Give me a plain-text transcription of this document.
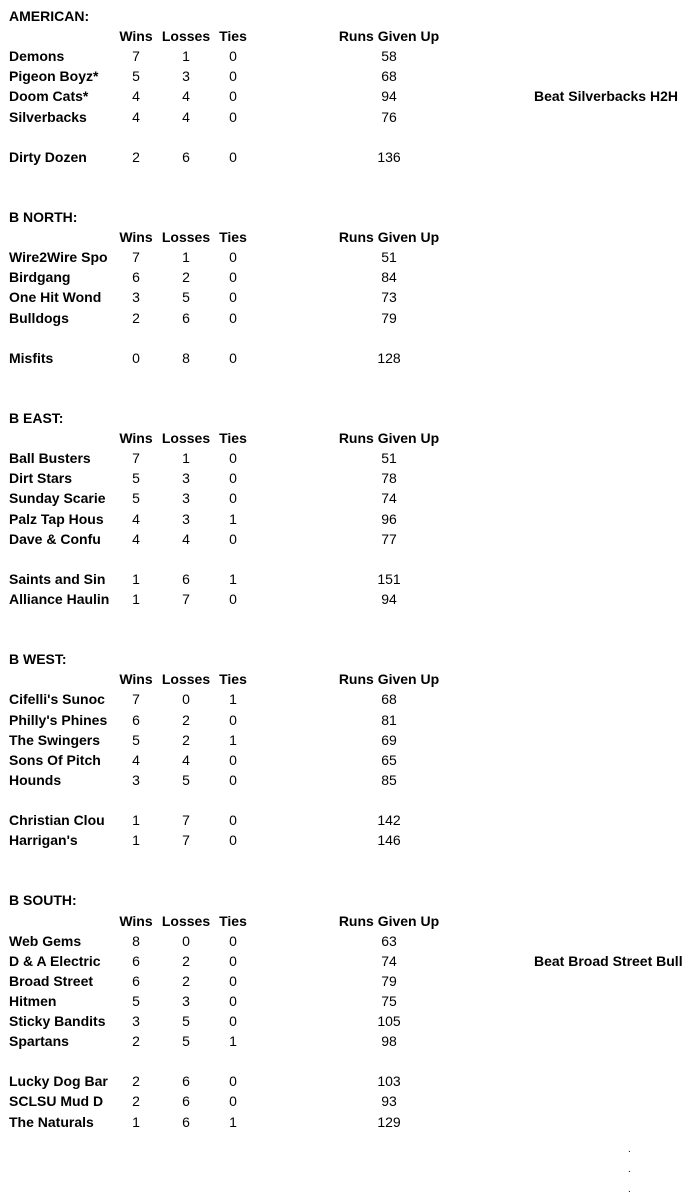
AMERICAN:
Wins Losses Ties	Runs Given Up
Demons	7	1	0	58
Pigeon Boyz*	5	3	0	68
Doom Cats*	4	4	0	94	Beat Silverbacks H2H
Silverbacks	4	4	0	76
Dirty Dozen	2	6	0	136
B NORTH:
Wins Losses Ties	Runs Given Up
Wire2Wire Spo	7	1	0	51
Birdgang	6	2	0	84
One Hit Wond	3	5	0	73
Bulldogs	2	6	0	79
Misfits	0	8	0	128
B EAST:
Wins Losses Ties	Runs Given Up
Ball Busters	7	1	0	51
Dirt Stars	5	3	0	78
Sunday Scarie	5	3	0	74
Palz Tap Hous	4	3	1	96
Dave & Confu	4	4	0	77
Saints and Sin	1	6	1	151
Alliance Haulin	1	7	0	94
B WEST:
Wins Losses Ties	Runs Given Up
Cifelli's Sunoc	7	0	1	68
Philly's Phines	6	2	0	81
The Swingers	5	2	1	69
Sons Of Pitch	4	4	0	65
Hounds	3	5	0	85
Christian Clou	1	7	0	142
Harrigan's	1	7	0	146
B SOUTH:
Wins Losses Ties	Runs Given Up
Web Gems	8	0	0	63
D & A Electric	6	2	0	74	Beat Broad Street Bull
Broad Street	6	2	0	79
Hitmen	5	3	0	75
Sticky Bandits	3	5	0	105
Spartans	2	5	1	98
Lucky Dog Bar	2	6	0	103
SCLSU Mud D	2	6	0	93
The Naturals	1	6	1	129
.
.
.
